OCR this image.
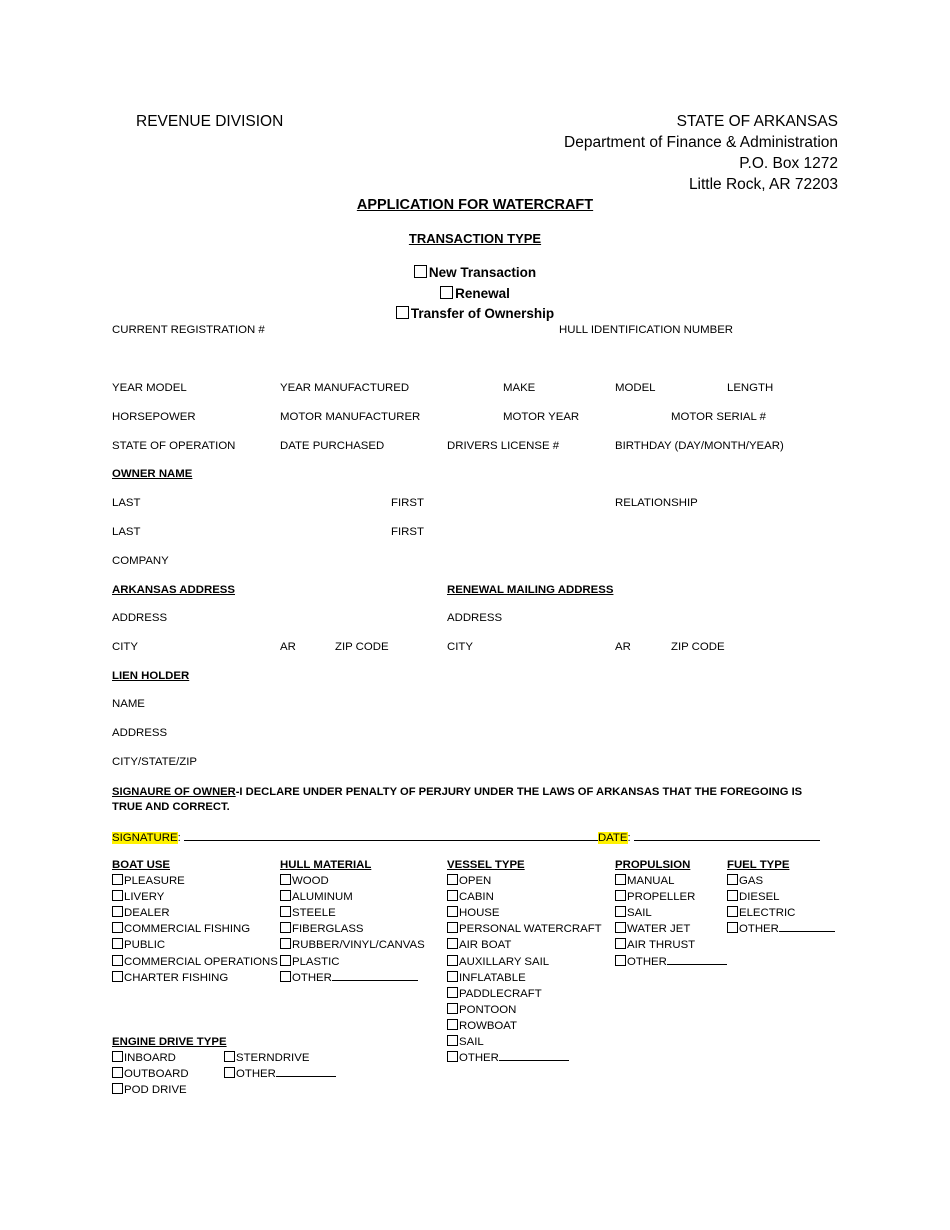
REVENUE DIVISION	STATE OF ARKANSAS
Department of Finance & Administration
P.O. Box 1272
Little Rock, AR 72203
APPLICATION FOR WATERCRAFT
TRANSACTION TYPE
New Transaction
Renewal
Transfer of Ownership
CURRENT REGISTRATION #	HULL IDENTIFICATION NUMBER
YEAR MODEL	YEAR MANUFACTURED	MAKE	MODEL	LENGTH
HORSEPOWER	MOTOR MANUFACTURER	MOTOR YEAR	MOTOR SERIAL #
STATE OF OPERATION	DATE PURCHASED	DRIVERS LICENSE #	BIRTHDAY (DAY/MONTH/YEAR)
OWNER NAME
LAST	FIRST	RELATIONSHIP
LAST	FIRST
COMPANY
ARKANSAS ADDRESS	RENEWAL MAILING ADDRESS
ADDRESS	ADDRESS
CITY	AR	ZIP CODE	CITY	AR	ZIP CODE
LIEN HOLDER
NAME
ADDRESS
CITY/STATE/ZIP
SIGNAURE OF OWNER-I DECLARE UNDER PENALTY OF PERJURY UNDER THE LAWS OF ARKANSAS THAT THE FOREGOING IS TRUE AND CORRECT.
SIGNATURE:	DATE:
BOAT USE
PLEASURE
LIVERY
DEALER
COMMERCIAL FISHING
PUBLIC
COMMERCIAL OPERATIONS
CHARTER FISHING
HULL MATERIAL
WOOD
ALUMINUM
STEELE
FIBERGLASS
RUBBER/VINYL/CANVAS
PLASTIC
OTHER
VESSEL TYPE
OPEN
CABIN
HOUSE
PERSONAL WATERCRAFT
AIR BOAT
AUXILLARY SAIL
INFLATABLE
PADDLECRAFT
PONTOON
ROWBOAT
SAIL
OTHER
PROPULSION
MANUAL
PROPELLER
SAIL
WATER JET
AIR THRUST
OTHER
FUEL TYPE
GAS
DIESEL
ELECTRIC
OTHER
ENGINE DRIVE TYPE
INBOARD
OUTBOARD
POD DRIVE
STERNDRIVE
OTHER
